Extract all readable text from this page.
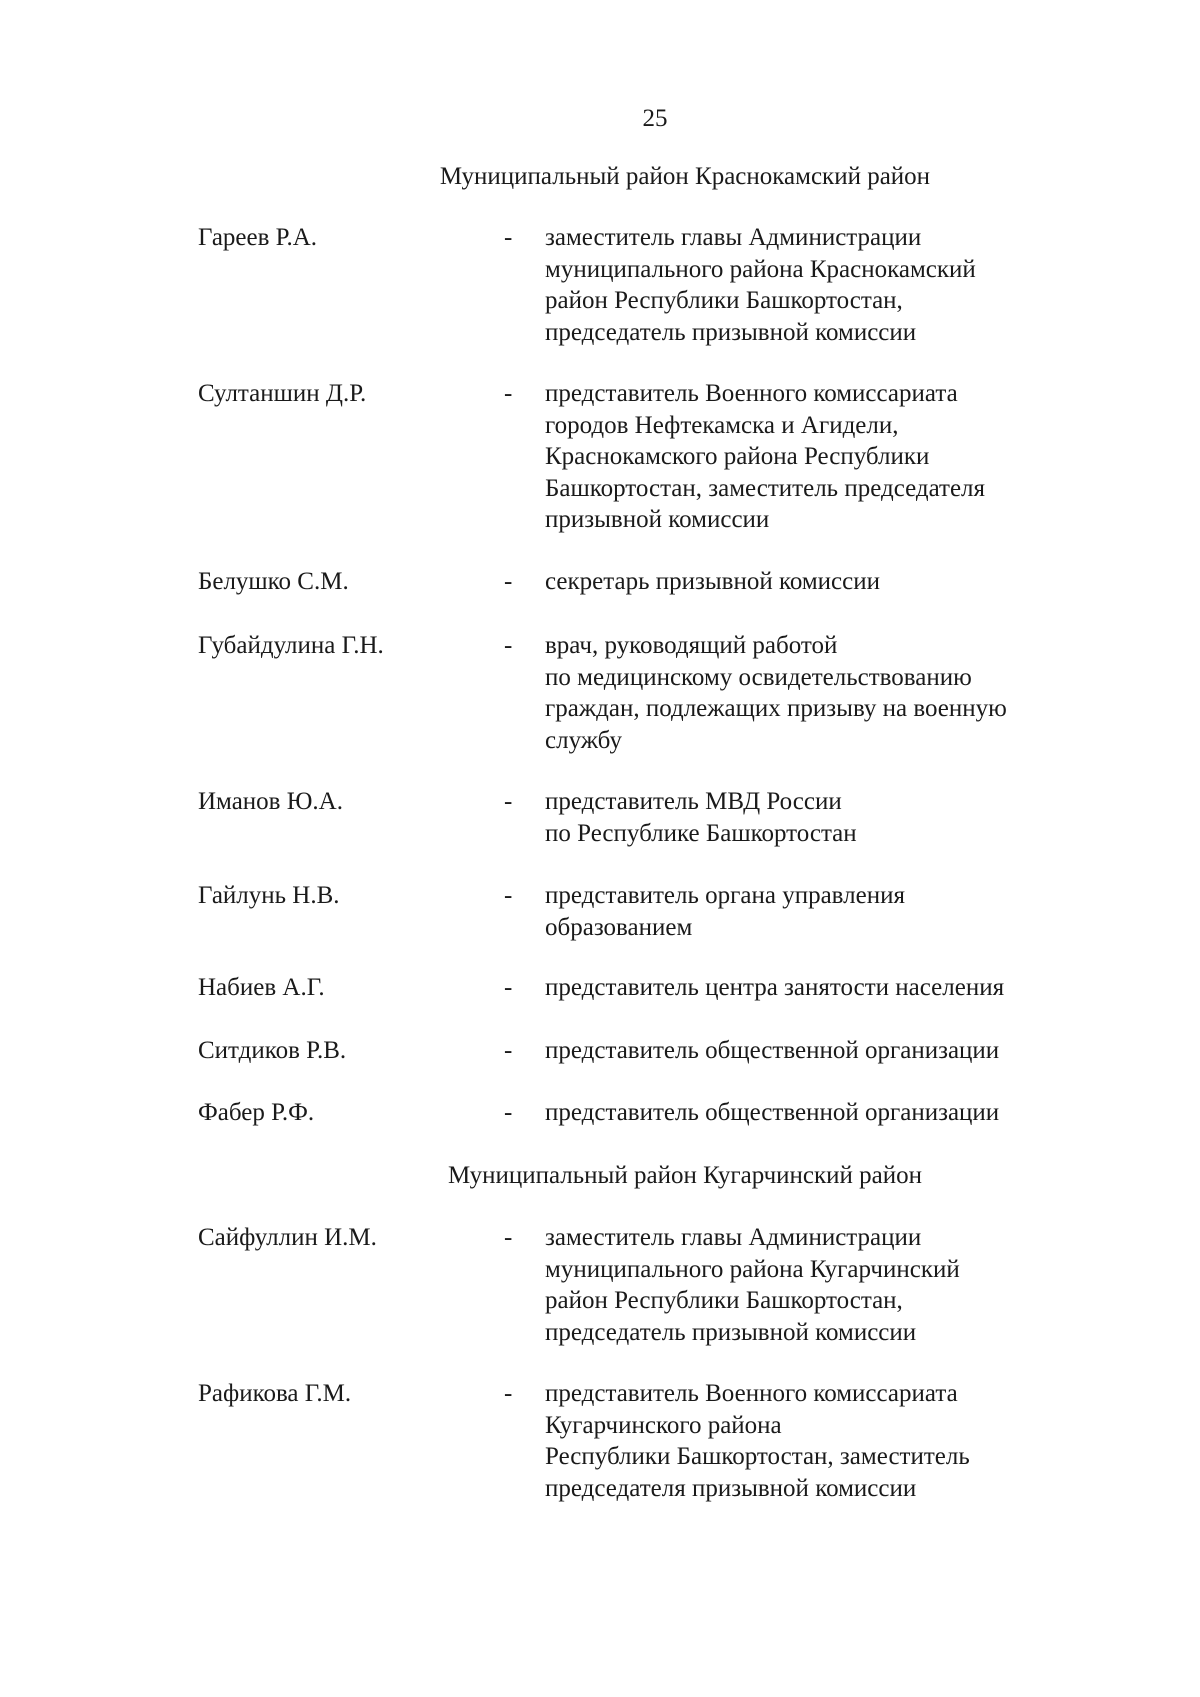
25
Муниципальный район Краснокамский район
Гареев Р.А.	- заместитель главы Администрации
муниципального района Краснокамский
район Республики Башкортостан,
председатель призывной комиссии
Султаншин Д.Р.	- представитель Военного комиссариата
городов Нефтекамска и Агидели,
Краснокамского района Республики
Башкортостан, заместитель председателя
призывной комиссии
Белушко С.М.	- секретарь призывной комиссии
Губайдулина Г.Н.	- врач, руководящий работой
по медицинскому освидетельствованию
граждан, подлежащих призыву на военную
службу
Иманов Ю.А.	- представитель МВД России
по Республике Башкортостан
Гайлунь Н.В.	- представитель органа управления
образованием
Набиев А.Г.	- представитель центра занятости населения
Ситдиков Р.В.	- представитель общественной организации
Фабер Р.Ф.	- представитель общественной организации
Муниципальный район Кугарчинский район
Сайфуллин И.М.	- заместитель главы Администрации
муниципального района Кугарчинский
район Республики Башкортостан,
председатель призывной комиссии
Рафикова Г.М.	- представитель Военного комиссариата
Кугарчинского района
Республики Башкортостан, заместитель
председателя призывной комиссии
